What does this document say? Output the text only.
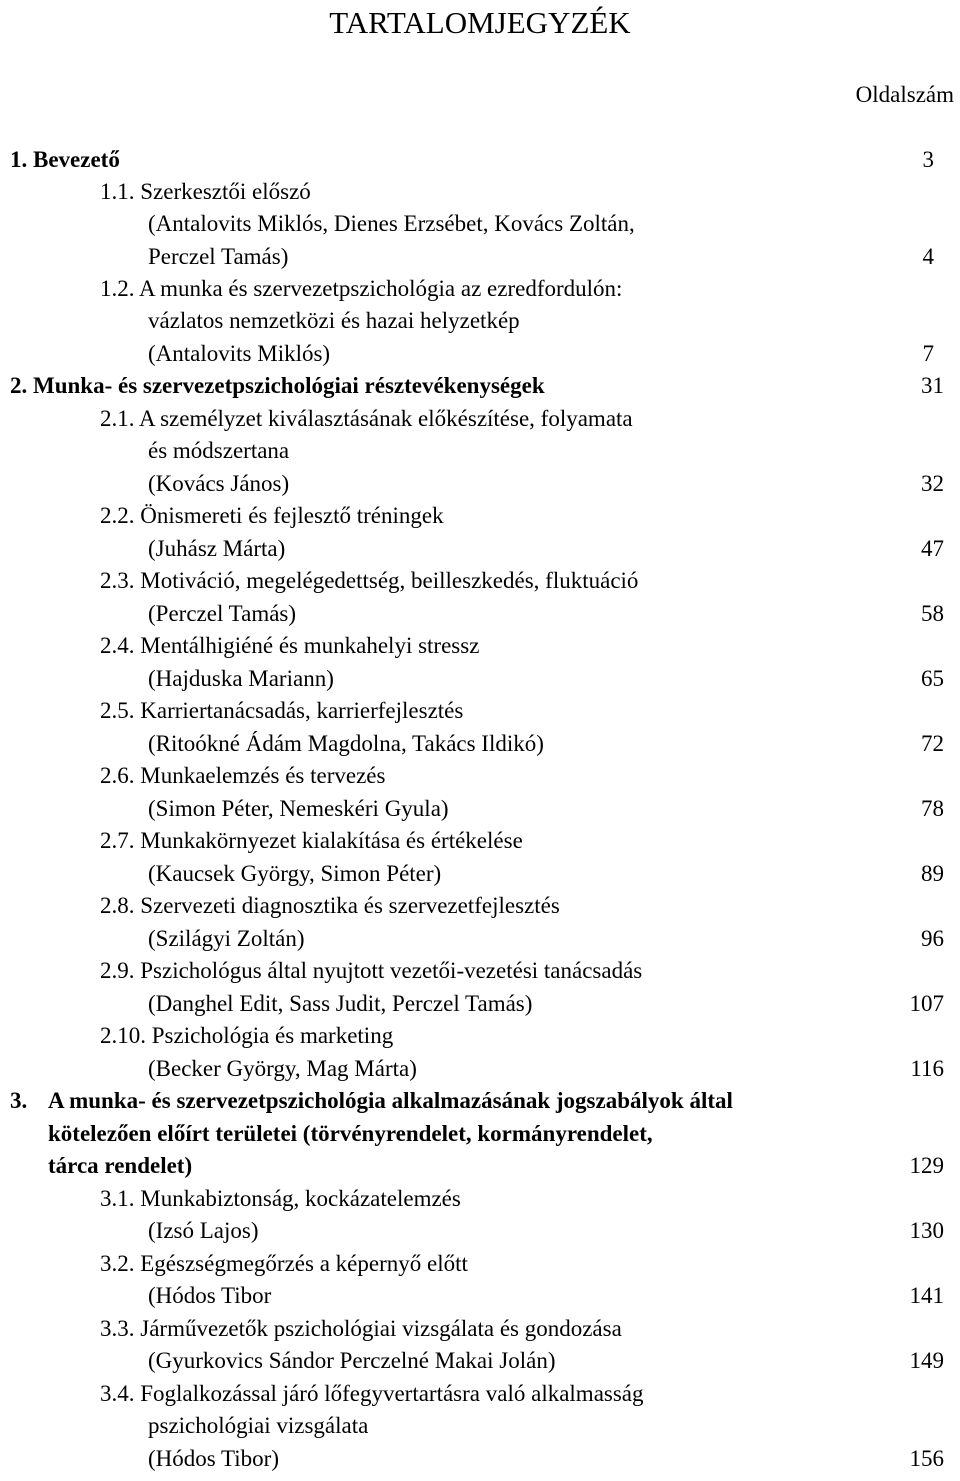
TARTALOMJEGYZÉK
Oldalszám
1. Bevezető	3
1.1. Szerkesztői előszó
(Antalovits Miklós, Dienes Erzsébet, Kovács Zoltán,
Perczel Tamás)	4
1.2. A munka és szervezetpszichológia az ezredfordulón:
vázlatos nemzetközi és hazai helyzetkép
(Antalovits Miklós)	7
2. Munka- és szervezetpszichológiai résztevékenységek	31
2.1. A személyzet kiválasztásának előkészítése, folyamata
és módszertana
(Kovács János)	32
2.2. Önismereti és fejlesztő tréningek
(Juhász Márta)	47
2.3. Motiváció, megelégedettség, beilleszkedés, fluktuáció
(Perczel Tamás)	58
2.4. Mentálhigiéné és munkahelyi stressz
(Hajduska Mariann)	65
2.5. Karriertanácsadás, karrierfejlesztés
(Ritoókné Ádám Magdolna, Takács Ildikó)	72
2.6. Munkaelemzés és tervezés
(Simon Péter, Nemeskéri Gyula)	78
2.7. Munkakörnyezet kialakítása és értékelése
(Kaucsek György, Simon Péter)	89
2.8. Szervezeti diagnosztika és szervezetfejlesztés
(Szilágyi Zoltán)	96
2.9. Pszichológus által nyujtott vezetői-vezetési tanácsadás
(Danghel Edit, Sass Judit, Perczel Tamás)	107
2.10. Pszichológia és marketing
(Becker György, Mag Márta)	116
3. A munka- és szervezetpszichológia alkalmazásának jogszabályok által
kötelezően előírt területei (törvényrendelet, kormányrendelet,
tárca rendelet)	129
3.1. Munkabiztonság, kockázatelemzés
(Izsó Lajos)	130
3.2. Egészségmegőrzés a képernyő előtt
(Hódos Tibor	141
3.3. Járművezetők pszichológiai vizsgálata és gondozása
(Gyurkovics Sándor Perczelné Makai Jolán)	149
3.4. Foglalkozással járó lőfegyvertartásra való alkalmasság
pszichológiai vizsgálata
(Hódos Tibor)	156
